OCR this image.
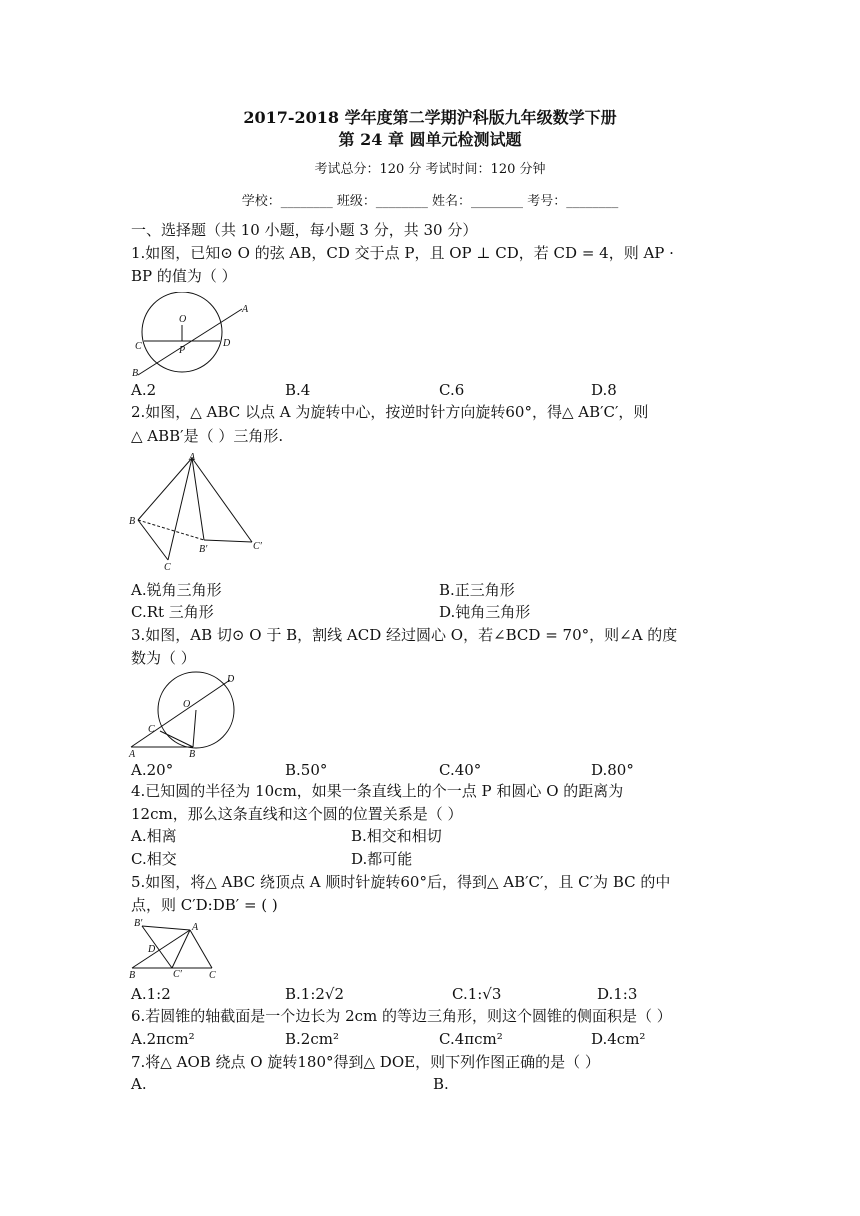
2017-2018 学年度第二学期沪科版九年级数学下册
第 24 章 圆单元检测试题
考试总分：120 分 考试时间：120 分钟
学校：________ 班级：________ 姓名：________ 考号：________
一、选择题（共 10 小题，每小题 3 分，共 30 分）
1.如图，已知⊙ O 的弦 AB，CD 交于点 P，且 OP ⊥ CD，若 CD = 4，则 AP ·
BP 的值为（ ）
O
A
C	P
D
B
A.2	B.4	C.6	D.8
2.如图，△ ABC 以点 A 为旋转中心，按逆时针方向旋转60°，得△ AB′C′，则
△ ABB′是（ ）三角形.
A
B
B′	C′
C
A.锐角三角形	B.正三角形
C.Rt 三角形	D.钝角三角形
3.如图，AB 切⊙ O 于 B，割线 ACD 经过圆心 O，若∠BCD = 70°，则∠A 的度
数为（ ）
D
O
C
A	B
A.20°	B.50°	C.40°	D.80°
4.已知圆的半径为 10cm，如果一条直线上的个一点 P 和圆心 O 的距离为
12cm，那么这条直线和这个圆的位置关系是（ ）
A.相离	B.相交和相切
C.相交	D.都可能
5.如图，将△ ABC 绕顶点 A 顺时针旋转60°后，得到△ AB′C′，且 C′为 BC 的中
点，则 C′D:DB′ = ( )
B′	A
D
B	C′	C
A.1:2	B.1:2√2	C.1:√3	D.1:3
6.若圆锥的轴截面是一个边长为 2cm 的等边三角形，则这个圆锥的侧面积是（ ）
A.2πcm²	B.2cm²	C.4πcm²	D.4cm²
7.将△ AOB 绕点 O 旋转180°得到△ DOE，则下列作图正确的是（ ）
A.	B.
